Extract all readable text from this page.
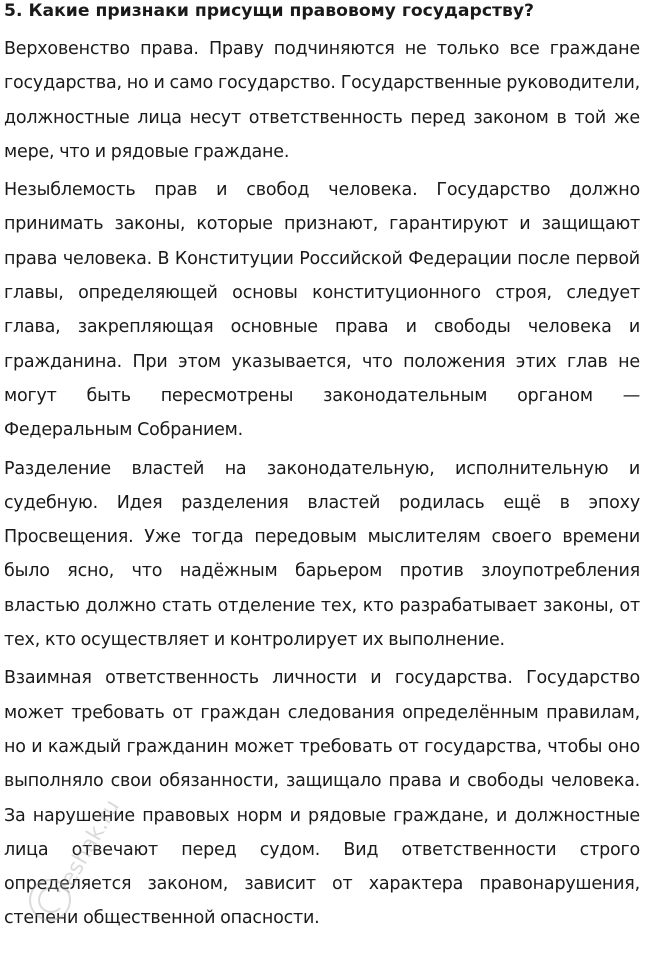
5. Какие признаки присущи правовому государству?

Верховенство права. Праву подчиняются не только все граждане государства, но и само государство. Государственные руководители, должностные лица несут ответственность перед законом в той же мере, что и рядовые граждане.

Незыблемость прав и свобод человека. Государство должно принимать законы, которые признают, гарантируют и защищают права человека. В Конституции Российской Федерации после первой главы, определяющей основы конституционного строя, следует глава, закрепляющая основные права и свободы человека и гражданина. При этом указывается, что положения этих глав не могут быть пересмотрены законодательным органом — Федеральным Собранием.

Разделение властей на законодательную, исполнительную и судебную. Идея разделения властей родилась ещё в эпоху Просвещения. Уже тогда передовым мыслителям своего времени было ясно, что надёжным барьером против злоупотребления властью должно стать отделение тех, кто разрабатывает законы, от тех, кто осуществляет и контролирует их выполнение.

Взаимная ответственность личности и государства. Государство может требовать от граждан следования определённым правилам, но и каждый гражданин может требовать от государства, чтобы оно выполняло свои обязанности, защищало права и свободы человека. За нарушение правовых норм и рядовые граждане, и должностные лица отвечают перед судом. Вид ответственности строго определяется законом, зависит от характера правонарушения, степени общественной опасности.

reshak.ru
